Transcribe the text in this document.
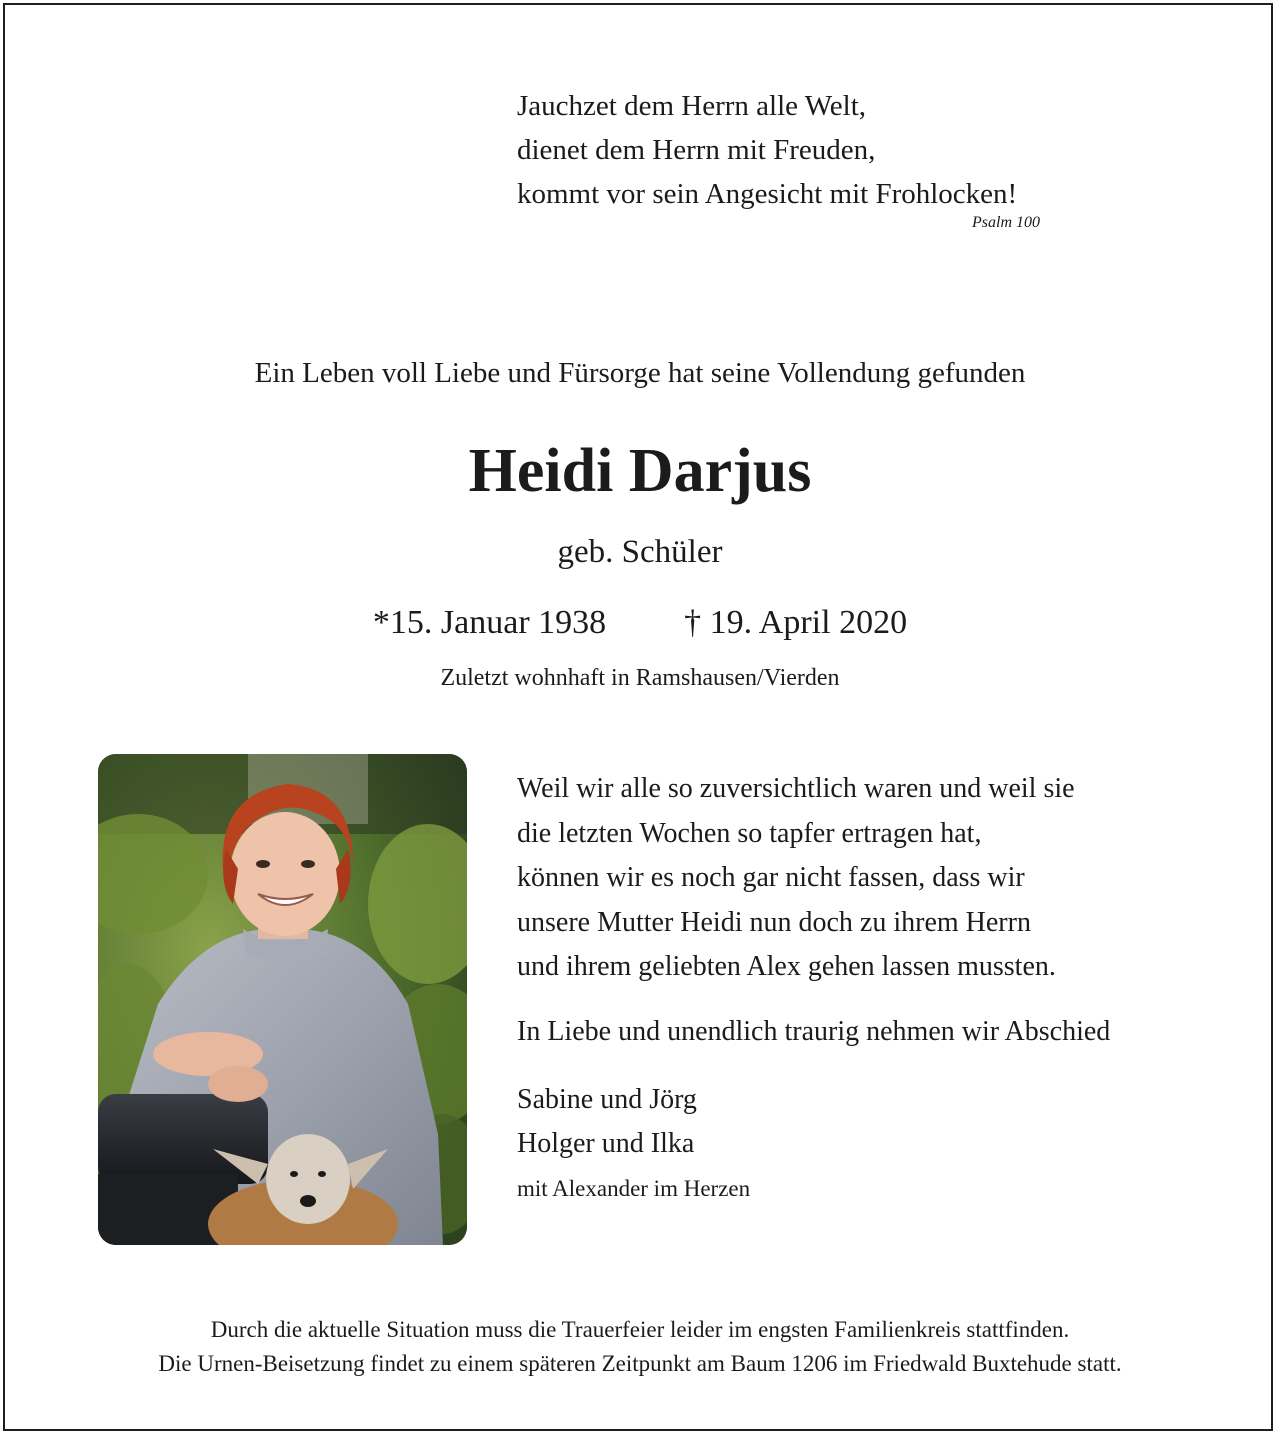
Jauchzet dem Herrn alle Welt,
dienet dem Herrn mit Freuden,
kommt vor sein Angesicht mit Frohlocken!
Psalm 100
Ein Leben voll Liebe und Fürsorge hat seine Vollendung gefunden
Heidi Darjus
geb. Schüler
*15. Januar 1938 † 19. April 2020
Zuletzt wohnhaft in Ramshausen/Vierden
Weil wir alle so zuversichtlich waren und weil sie
die letzten Wochen so tapfer ertragen hat,
können wir es noch gar nicht fassen, dass wir
unsere Mutter Heidi nun doch zu ihrem Herrn
und ihrem geliebten Alex gehen lassen mussten.
In Liebe und unendlich traurig nehmen wir Abschied
Sabine und Jörg
Holger und Ilka
mit Alexander im Herzen
Durch die aktuelle Situation muss die Trauerfeier leider im engsten Familienkreis stattfinden.
Die Urnen-Beisetzung findet zu einem späteren Zeitpunkt am Baum 1206 im Friedwald Buxtehude statt.
